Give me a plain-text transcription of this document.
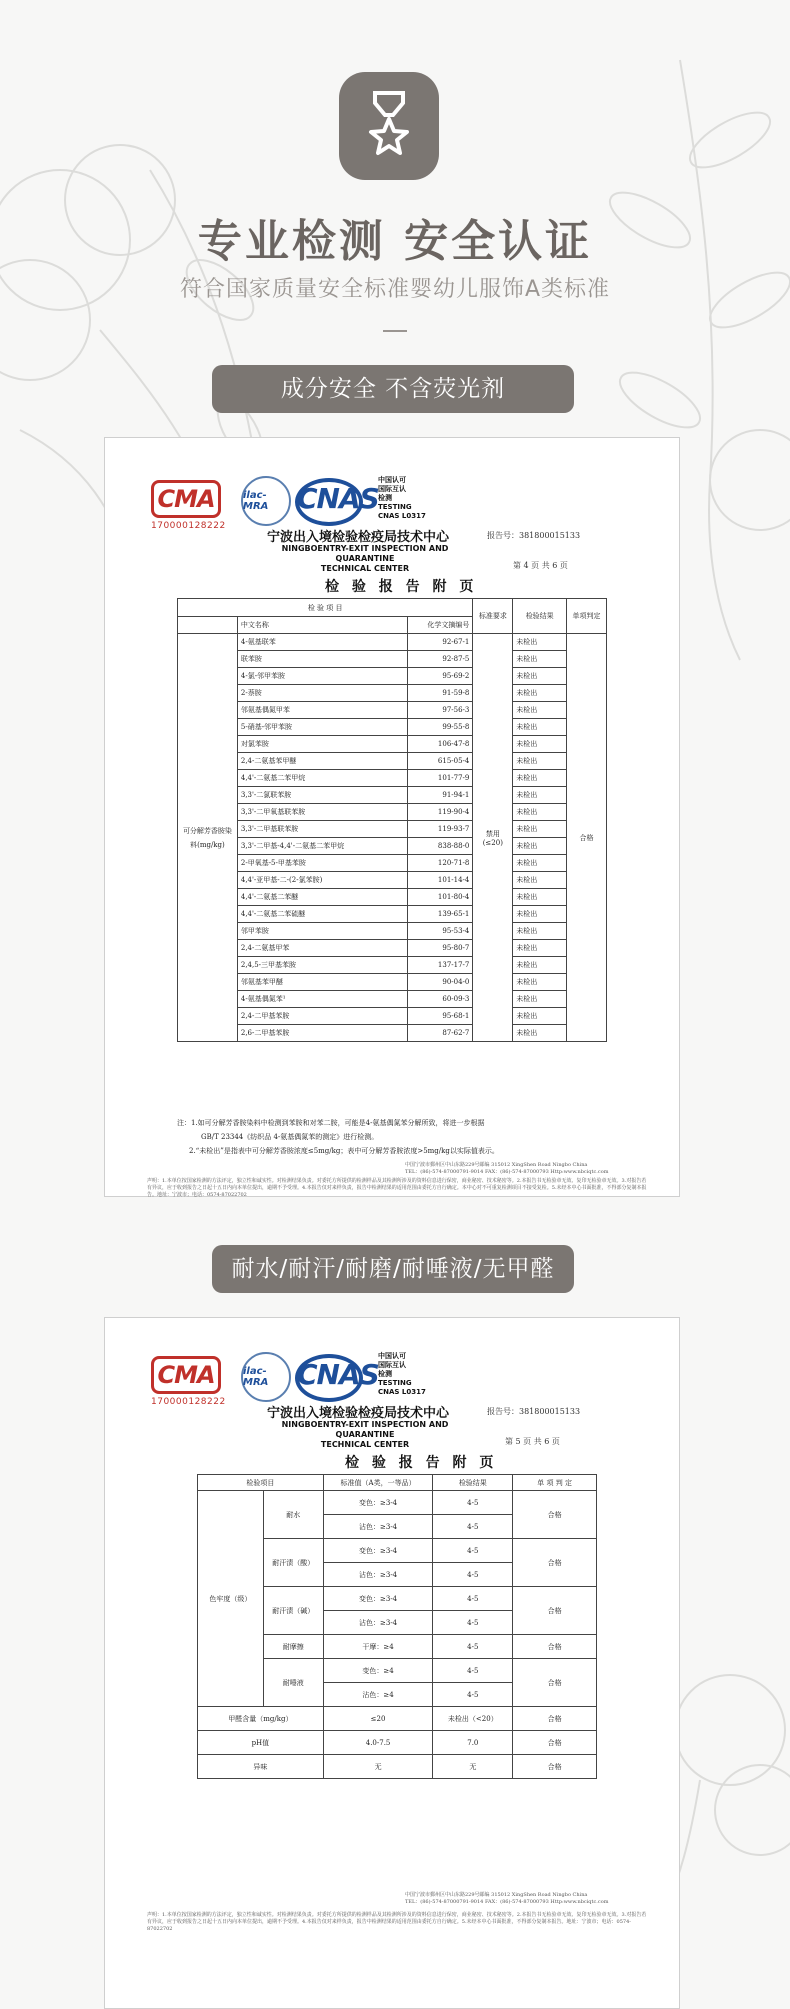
专业检测 安全认证
符合国家质量安全标准婴幼儿服饰A类标准
成分安全 不含荧光剂
CMA
170000128222
ilac-MRA	CNAS
中国认可
国际互认
检测
TESTING
CNAS L0317
宁波出入境检验检疫局技术中心	报告号：381800015133
NINGBOENTRY-EXIT INSPECTION AND QUARANTINE
TECHNICAL CENTER	第 4 页 共 6 页
检 验 报 告 附 页
检 验 项 目			标准要求	检验结果	单项判定
	中文名称	化学文摘编号			
可分解芳香胺染料(mg/kg)	4-氨基联苯	92-67-1	禁用(≤20)	未检出	合格
	联苯胺	92-87-5		未检出	
	4-氯-邻甲苯胺	95-69-2		未检出	
	2-萘胺	91-59-8		未检出	
	邻氨基偶氮甲苯	97-56-3		未检出	
	5-硝基-邻甲苯胺	99-55-8		未检出	
	对氯苯胺	106-47-8		未检出	
	2,4-二氨基苯甲醚	615-05-4		未检出	
	4,4'-二氨基二苯甲烷	101-77-9		未检出	
	3,3'-二氯联苯胺	91-94-1		未检出	
	3,3'-二甲氧基联苯胺	119-90-4		未检出	
	3,3'-二甲基联苯胺	119-93-7		未检出	
	3,3'-二甲基-4,4'-二氨基二苯甲烷	838-88-0		未检出	
	2-甲氧基-5-甲基苯胺	120-71-8		未检出	
	4,4'-亚甲基-二-(2-氯苯胺)	101-14-4		未检出	
	4,4'-二氨基二苯醚	101-80-4		未检出	
	4,4'-二氨基二苯硫醚	139-65-1		未检出	
	邻甲苯胺	95-53-4		未检出	
	2,4-二氨基甲苯	95-80-7		未检出	
	2,4,5-三甲基苯胺	137-17-7		未检出	
	邻氨基苯甲醚	90-04-0		未检出	
	4-氨基偶氮苯¹	60-09-3		未检出	
	2,4-二甲基苯胺	95-68-1		未检出	
	2,6-二甲基苯胺	87-62-7		未检出	
注：1.如可分解芳香胺染料中检测到苯胺和对苯二胺，可能是4-氨基偶氮苯分解所致，将进一步根据
GB/T 23344《纺织品 4-氨基偶氮苯的测定》进行检测。
2.“未检出”是指表中可分解芳香胺浓度≤5mg/kg；表中可分解芳香胺浓度>5mg/kg以实际值表示。
中国宁波市鄞州区中山东路229号邮编 315012 XingShen Road Ningbo China
TEL：(86)-574-87000791-9014 FAX：(86)-574-87000793 Http:www.nbciqtc.com
声明：1.本单位按国家检测的方法评定，独立性和诚实性。对检测结果负责。对委托方所提供的检测样品及其检测所涉及的资料信息进行保密，商业秘密、技术秘密等。2.本报告书无检验章无效、复印无检验章无效。3.对报告若有异议，应于收到报告之日起十五日内向本单位提出，逾期不予受理。4.本报告仅对来样负责，报告中检测结果的适用范围由委托方自行确定。本中心对不可重复检测项目不接受复检。5.未经本中心书面批准，不得部分复制本报告。地址：宁波市；电话：0574-87022702
耐水/耐汗/耐磨/耐唾液/无甲醛
CMA
170000128222
ilac-MRA	CNAS
中国认可
国际互认
检测
TESTING
CNAS L0317
宁波出入境检验检疫局技术中心	报告号：381800015133
NINGBOENTRY-EXIT INSPECTION AND QUARANTINE
TECHNICAL CENTER	第 5 页 共 6 页
检 验 报 告 附 页
检验项目		标准值（A类，一等品）	检验结果	单 项 判 定
色牢度（级）	耐水	变色：≥3-4	4-5	合格
		沾色：≥3-4	4-5	
	耐汗渍（酸）	变色：≥3-4	4-5	合格
		沾色：≥3-4	4-5	
	耐汗渍（碱）	变色：≥3-4	4-5	合格
		沾色：≥3-4	4-5	
	耐摩擦	干摩：≥4	4-5	合格
	耐唾液	变色：≥4	4-5	合格
		沾色：≥4	4-5	
甲醛含量（mg/kg）		≤20	未检出（<20）	合格
pH值		4.0-7.5	7.0	合格
异味		无	无	合格
中国宁波市鄞州区中山东路229号邮编 315012 XingShen Road Ningbo China
TEL：(86)-574-87000791-9014 FAX：(86)-574-87000793 Http:www.nbciqtc.com
声明：1.本单位按国家检测的方法评定，独立性和诚实性。对检测结果负责。对委托方所提供的检测样品及其检测所涉及的资料信息进行保密，商业秘密、技术秘密等。2.本报告书无检验章无效、复印无检验章无效。3.对报告若有异议，应于收到报告之日起十五日内向本单位提出，逾期不予受理。4.本报告仅对来样负责，报告中检测结果的适用范围由委托方自行确定。5.未经本中心书面批准，不得部分复制本报告。地址：宁波市；电话：0574-87022702
